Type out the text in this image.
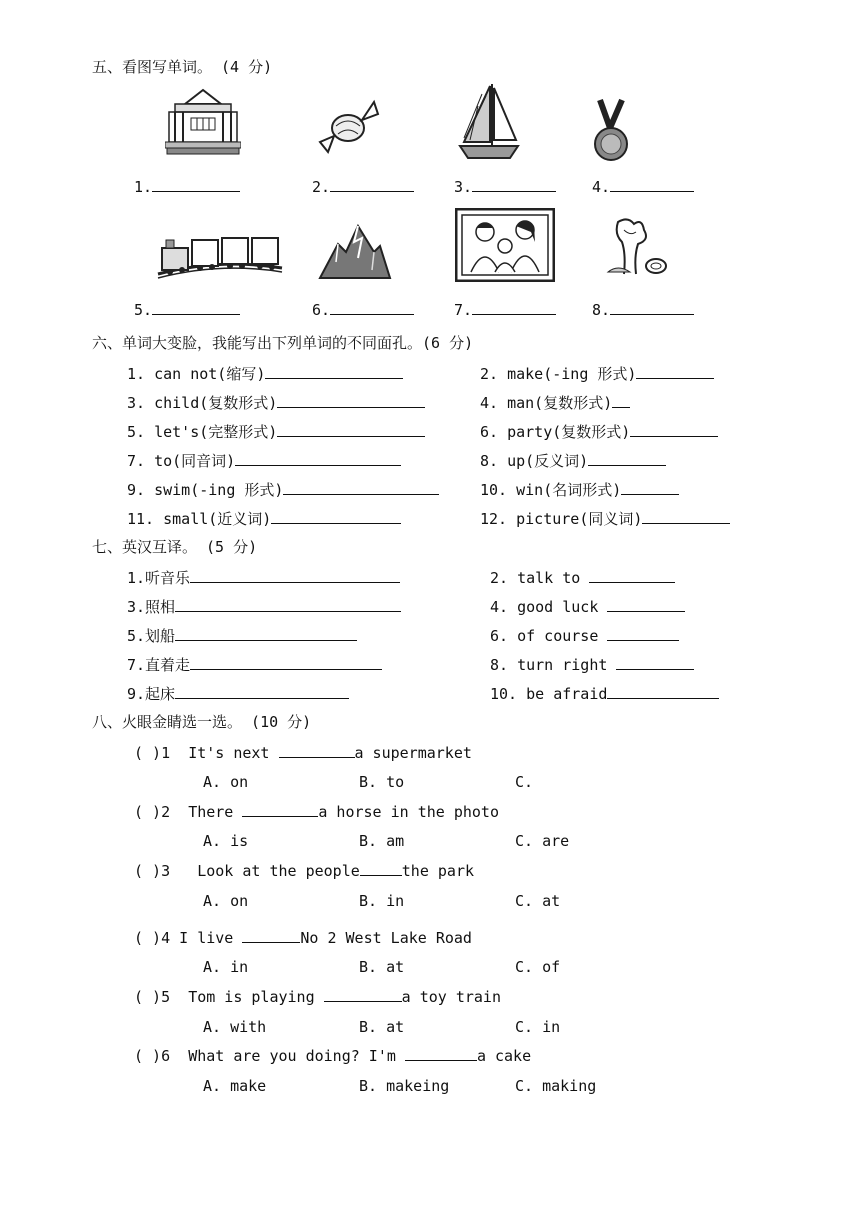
五、看图写单词。 (4 分)
1.	2.	3.	4.
5.	6.	7.	8.
六、单词大变脸，我能写出下列单词的不同面孔。(6 分)
1. can not(缩写)	2. make(-ing 形式)
3. child(复数形式)	4. man(复数形式)
5. let's(完整形式)	6. party(复数形式)
7. to(同音词)	8. up(反义词)
9. swim(-ing 形式)	10. win(名词形式)
11. small(近义词)	12. picture(同义词)
七、英汉互译。 (5 分)
1.听音乐	2. talk to
3.照相	4. good luck
5.划船	6. of course
7.直着走	8. turn right
9.起床	10. be afraid
八、火眼金睛选一选。 (10 分)
( )1 It's next	a supermarket
A. on	B. to	C.
( )2 There	a horse in the photo
A. is	B. am	C. are
( )3 Look at the people	the park
A. on	B. in	C. at
( )4 I live	No 2 West Lake Road
A. in	B. at	C. of
( )5 Tom is playing	a toy train
A. with	B. at	C. in
( )6 What are you doing? I'm	a cake
A. make	B. makeing	C. making
